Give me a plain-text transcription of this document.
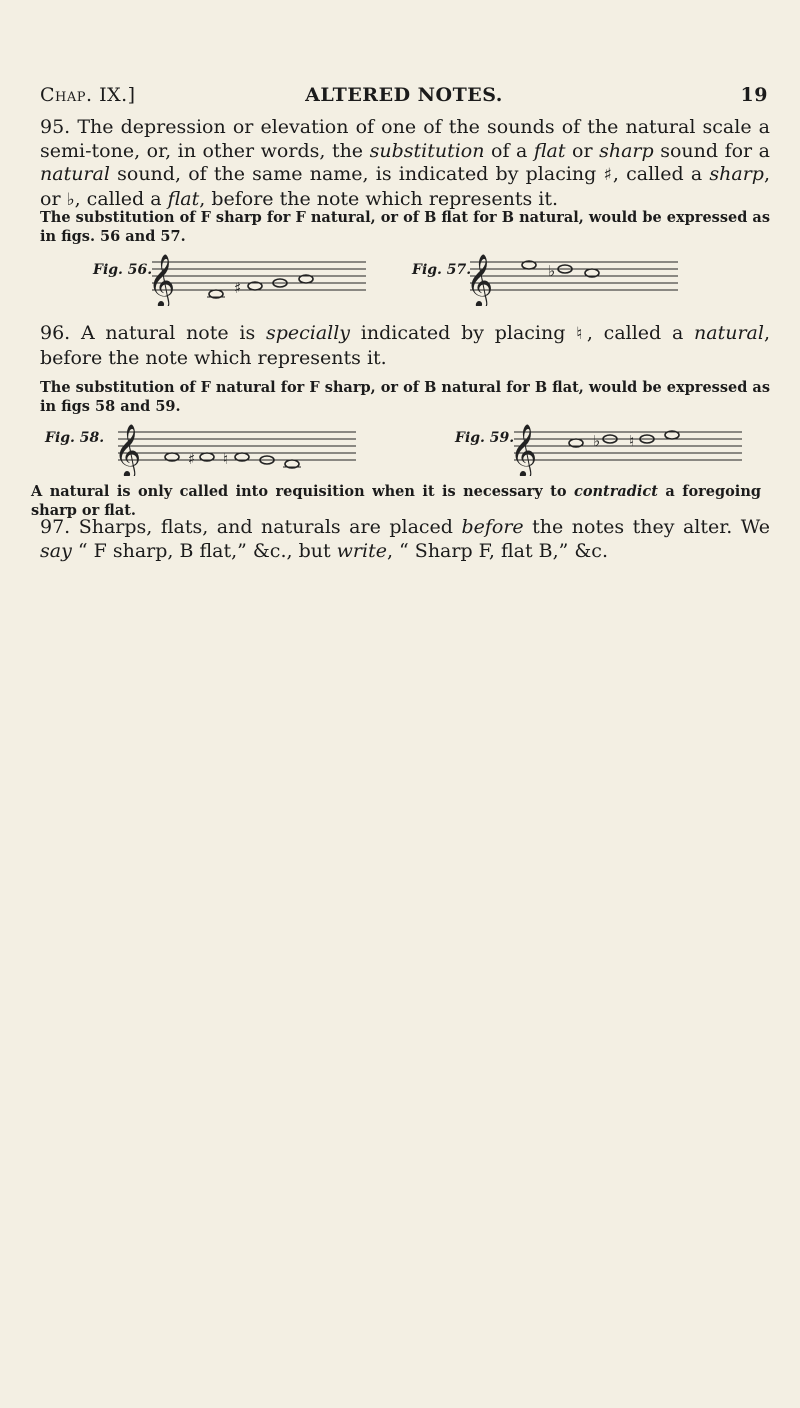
Chap. IX.]	ALTERED NOTES.	19

95. The depression or elevation of one of the sounds of the natural scale a semi-tone, or, in other words, the substitution of a flat or sharp sound for a natural sound, of the same name, is indicated by placing ♯, called a sharp, or ♭, called a flat, before the note which represents it.

The substitution of F sharp for F natural, or of B flat for B natural, would be expressed as in figs. 56 and 57.

Fig. 56.
𝄞	♯
Fig. 57.
𝄞	♭

96. A natural note is specially indicated by placing ♮, called a natural, before the note which represents it.

The substitution of F natural for F sharp, or of B natural for B flat, would be expressed as in figs 58 and 59.

Fig. 58. 𝄞	♯ ♮
Fig. 59.
𝄞	♭ ♮

A natural is only called into requisition when it is necessary to contradict a foregoing sharp or flat.

97. Sharps, flats, and naturals are placed before the notes they alter. We say “ F sharp, B flat,” &c., but write, “ Sharp F, flat B,” &c.
